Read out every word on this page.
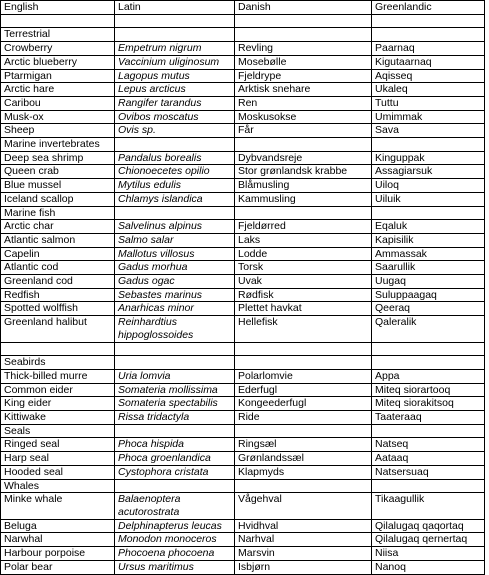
English	Latin	Danish	Greenlandic

Terrestrial			
Crowberry	Empetrum nigrum	Revling	Paarnaq
Arctic blueberry	Vaccinium uliginosum	Mosebølle	Kigutaarnaq
Ptarmigan	Lagopus mutus	Fjeldrype	Aqisseq
Arctic hare	Lepus arcticus	Arktisk snehare	Ukaleq
Caribou	Rangifer tarandus	Ren	Tuttu
Musk-ox	Ovibos moscatus	Moskusokse	Umimmak
Sheep	Ovis sp.	Får	Sava
Marine invertebrates			
Deep sea shrimp	Pandalus borealis	Dybvandsreje	Kinguppak
Queen crab	Chionoecetes opilio	Stor grønlandsk krabbe	Assagiarsuk
Blue mussel	Mytilus edulis	Blåmusling	Uiloq
Iceland scallop	Chlamys islandica	Kammusling	Uiluik
Marine fish			
Arctic char	Salvelinus alpinus	Fjeldørred	Eqaluk
Atlantic salmon	Salmo salar	Laks	Kapisilik
Capelin	Mallotus villosus	Lodde	Ammassak
Atlantic cod	Gadus morhua	Torsk	Saarullik
Greenland cod	Gadus ogac	Uvak	Uugaq
Redfish	Sebastes marinus	Rødfisk	Suluppaagaq
Spotted wolffish	Anarhicas minor	Plettet havkat	Qeeraq
Greenland halibut	Reinhardtius hippoglossoides	Hellefisk	Qaleralik

Seabirds			
Thick-billed murre	Uria lomvia	Polarlomvie	Appa
Common eider	Somateria mollissima	Ederfugl	Miteq siorartooq
King eider	Somateria spectabilis	Kongeederfugl	Miteq siorakitsoq
Kittiwake	Rissa tridactyla	Ride	Taateraaq
Seals			
Ringed seal	Phoca hispida	Ringsæl	Natseq
Harp seal	Phoca groenlandica	Grønlandssæl	Aataaq
Hooded seal	Cystophora cristata	Klapmyds	Natsersuaq
Whales			
Minke whale	Balaenoptera acutorostrata	Vågehval	Tikaagullik
Beluga	Delphinapterus leucas	Hvidhval	Qilalugaq qaqortaq
Narwhal	Monodon monoceros	Narhval	Qilalugaq qernertaq
Harbour porpoise	Phocoena phocoena	Marsvin	Niisa
Polar bear	Ursus maritimus	Isbjørn	Nanoq
